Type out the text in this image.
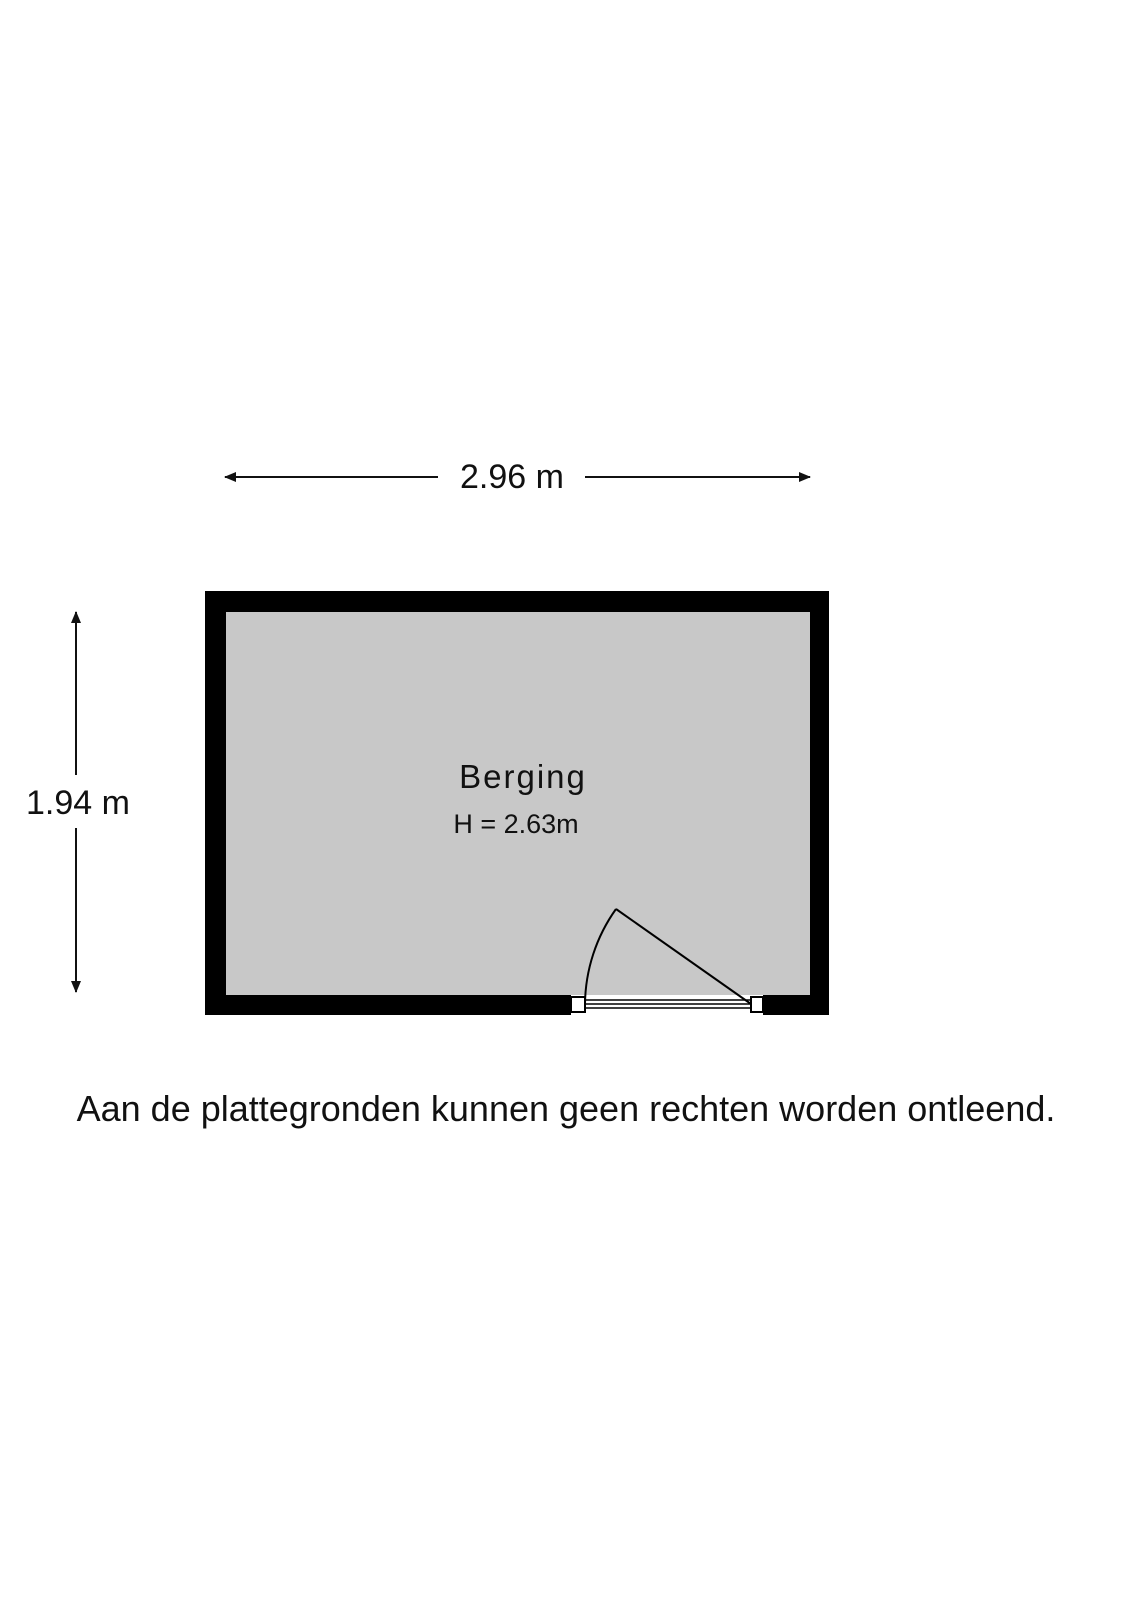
2.96 m
1.94 m
Berging
H = 2.63m
Aan de plattegronden kunnen geen rechten worden ontleend.
